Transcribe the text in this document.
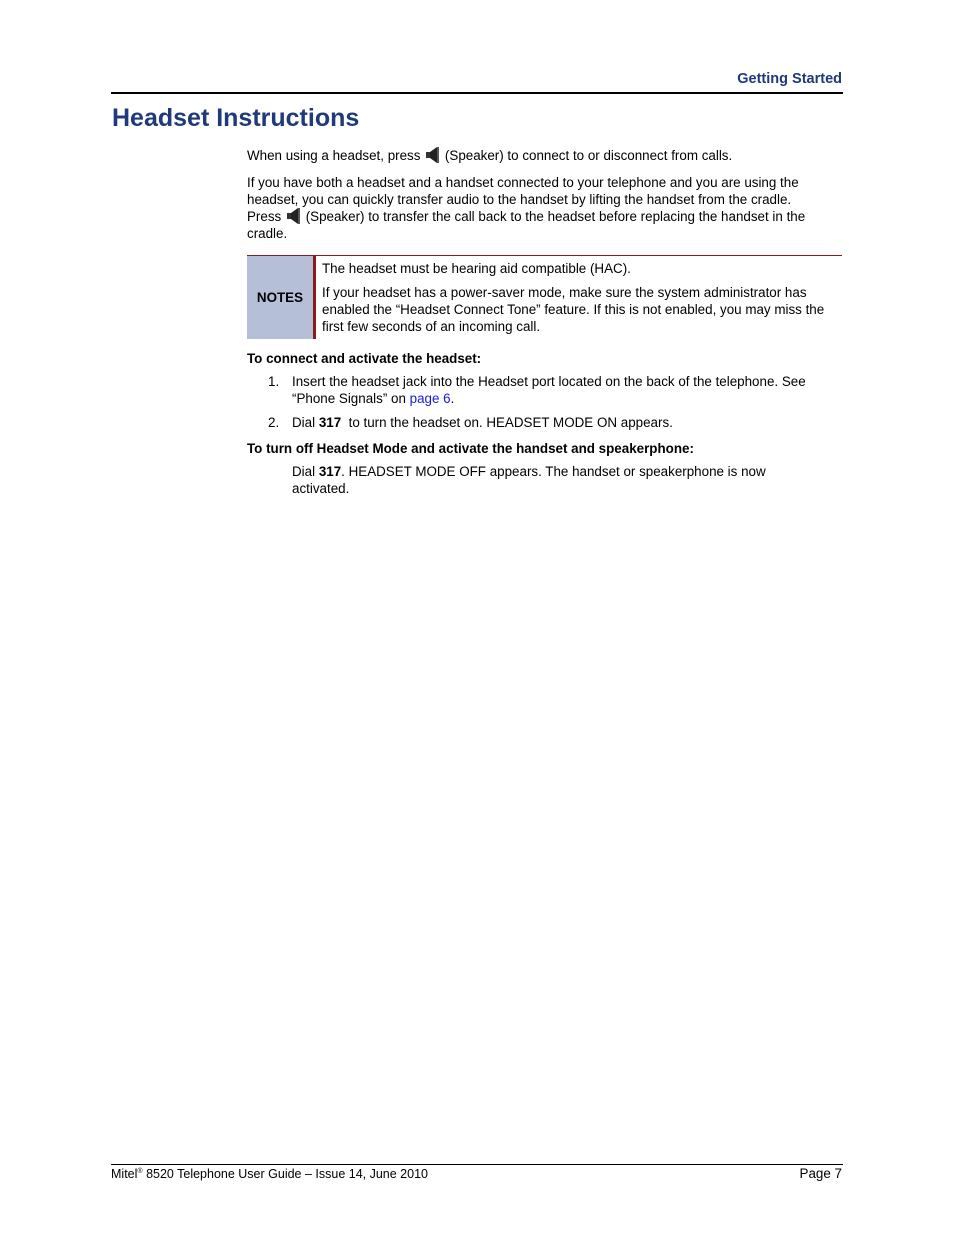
Getting Started
Headset Instructions

When using a headset, press (Speaker) to connect to or disconnect from calls.

If you have both a headset and a handset connected to your telephone and you are using the
headset, you can quickly transfer audio to the handset by lifting the handset from the cradle.
Press (Speaker) to transfer the call back to the headset before replacing the handset in the
cradle.
NOTES

The headset must be hearing aid compatible (HAC).

If your headset has a power-saver mode, make sure the system administrator has enabled the “Headset Connect Tone” feature. If this is not enabled, you may miss the first few seconds of an incoming call.

To connect and activate the headset:

1. Insert the headset jack into the Headset port located on the back of the telephone. See “Phone Signals” on page 6.
2. Dial 317 to turn the headset on. HEADSET MODE ON appears.

To turn off Headset Mode and activate the handset and speakerphone:

Dial 317. HEADSET MODE OFF appears. The handset or speakerphone is now activated.

Mitel® 8520 Telephone User Guide – Issue 14, June 2010	Page 7
